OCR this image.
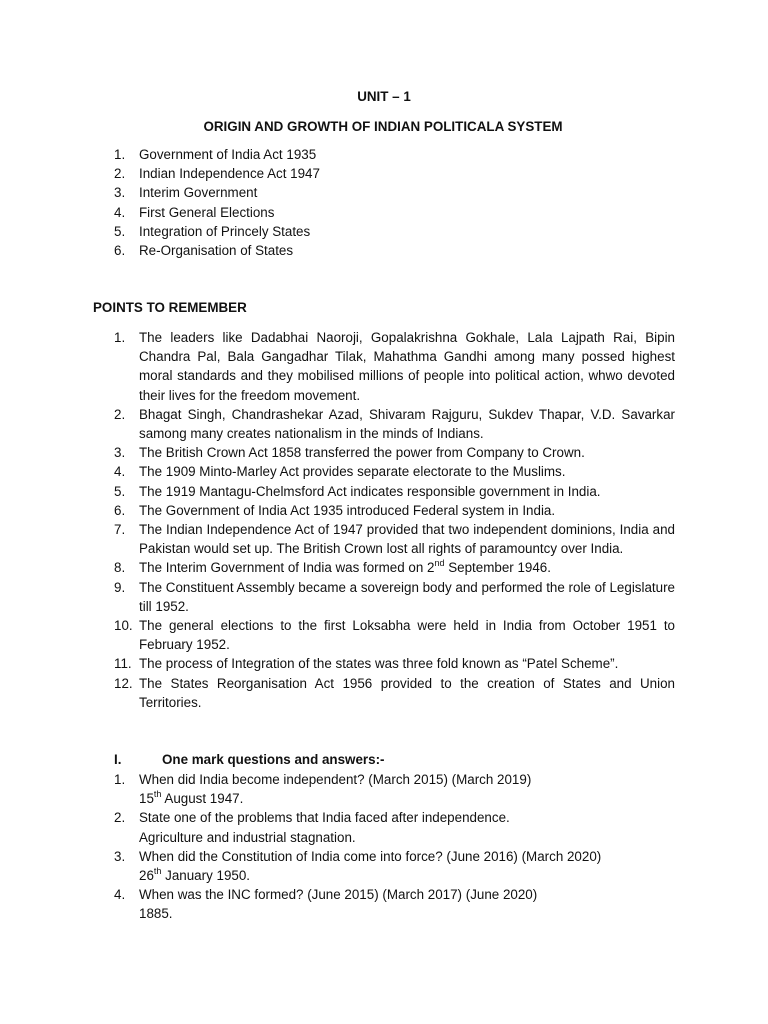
UNIT – 1
ORIGIN AND GROWTH OF INDIAN POLITICALA SYSTEM
1.	Government of India Act 1935
2.	Indian Independence Act 1947
3.	Interim Government
4.	First General Elections
5.	Integration of Princely States
6.	Re-Organisation of States
POINTS TO REMEMBER
1.	The leaders like Dadabhai Naoroji, Gopalakrishna Gokhale, Lala Lajpath Rai, Bipin Chandra Pal, Bala Gangadhar Tilak, Mahathma Gandhi among many possed highest moral standards and they mobilised millions of people into political action, whwo devoted their lives for the freedom movement.
2.	Bhagat Singh, Chandrashekar Azad, Shivaram Rajguru, Sukdev Thapar, V.D. Savarkar samong many creates nationalism in the minds of Indians.
3.	The British Crown Act 1858 transferred the power from Company to Crown.
4.	The 1909 Minto-Marley Act provides separate electorate to the Muslims.
5.	The 1919 Mantagu-Chelmsford Act indicates responsible government in India.
6.	The Government of India Act 1935 introduced Federal system in India.
7.	The Indian Independence Act of 1947 provided that two independent dominions, India and Pakistan would set up. The British Crown lost all rights of paramountcy over India.
8.	The Interim Government of India was formed on 2nd September 1946.
9.	The Constituent Assembly became a sovereign body and performed the role of Legislature till 1952.
10. The general elections to the first Loksabha were held in India from October 1951 to February 1952.
11. The process of Integration of the states was three fold known as “Patel Scheme”.
12. The States Reorganisation Act 1956 provided to the creation of States and Union Territories.
I.	One mark questions and answers:-
1.	When did India become independent? (March 2015) (March 2019)
15th August 1947.
2.	State one of the problems that India faced after independence.
Agriculture and industrial stagnation.
3.	When did the Constitution of India come into force? (June 2016) (March 2020)
26th January 1950.
4.	When was the INC formed? (June 2015) (March 2017) (June 2020)
1885.
